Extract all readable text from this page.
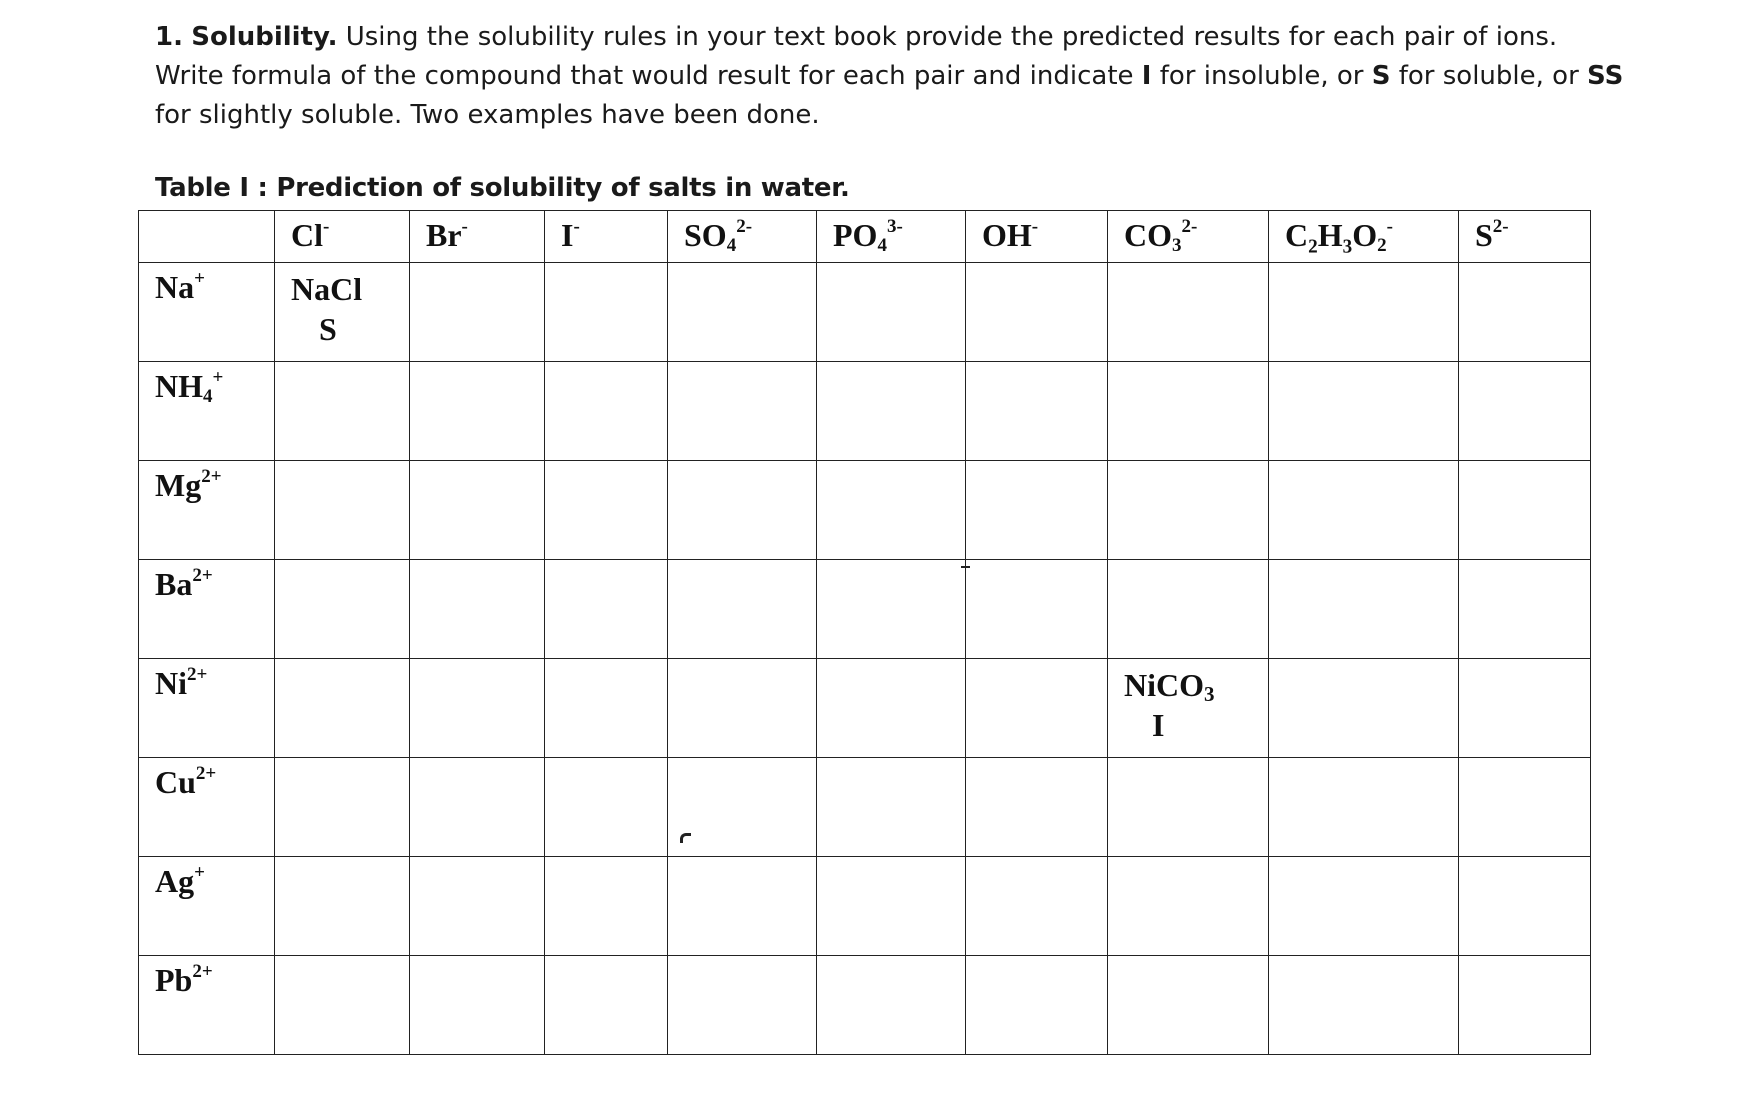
1. Solubility. Using the solubility rules in your text book provide the predicted results for each pair of ions.
Write formula of the compound that would result for each pair and indicate I for insoluble, or S for soluble, or SS
for slightly soluble. Two examples have been done.
Table I : Prediction of solubility of salts in water.

	Cl-	Br-	I-	$SO_4^{2-}$	$PO_4^{3-}$	OH-	$CO_3^{2-}$	$C_2H_3O_2^-$	$S^{2-}$

Na+	NaCl
S								

$NH_4^+$

$Mg^{2+}$

$Ba^{2+}$

$Ni^{2+}$							NiCO$_3$
I		

$Cu^{2+}$

Ag+

$Pb^{2+}$
